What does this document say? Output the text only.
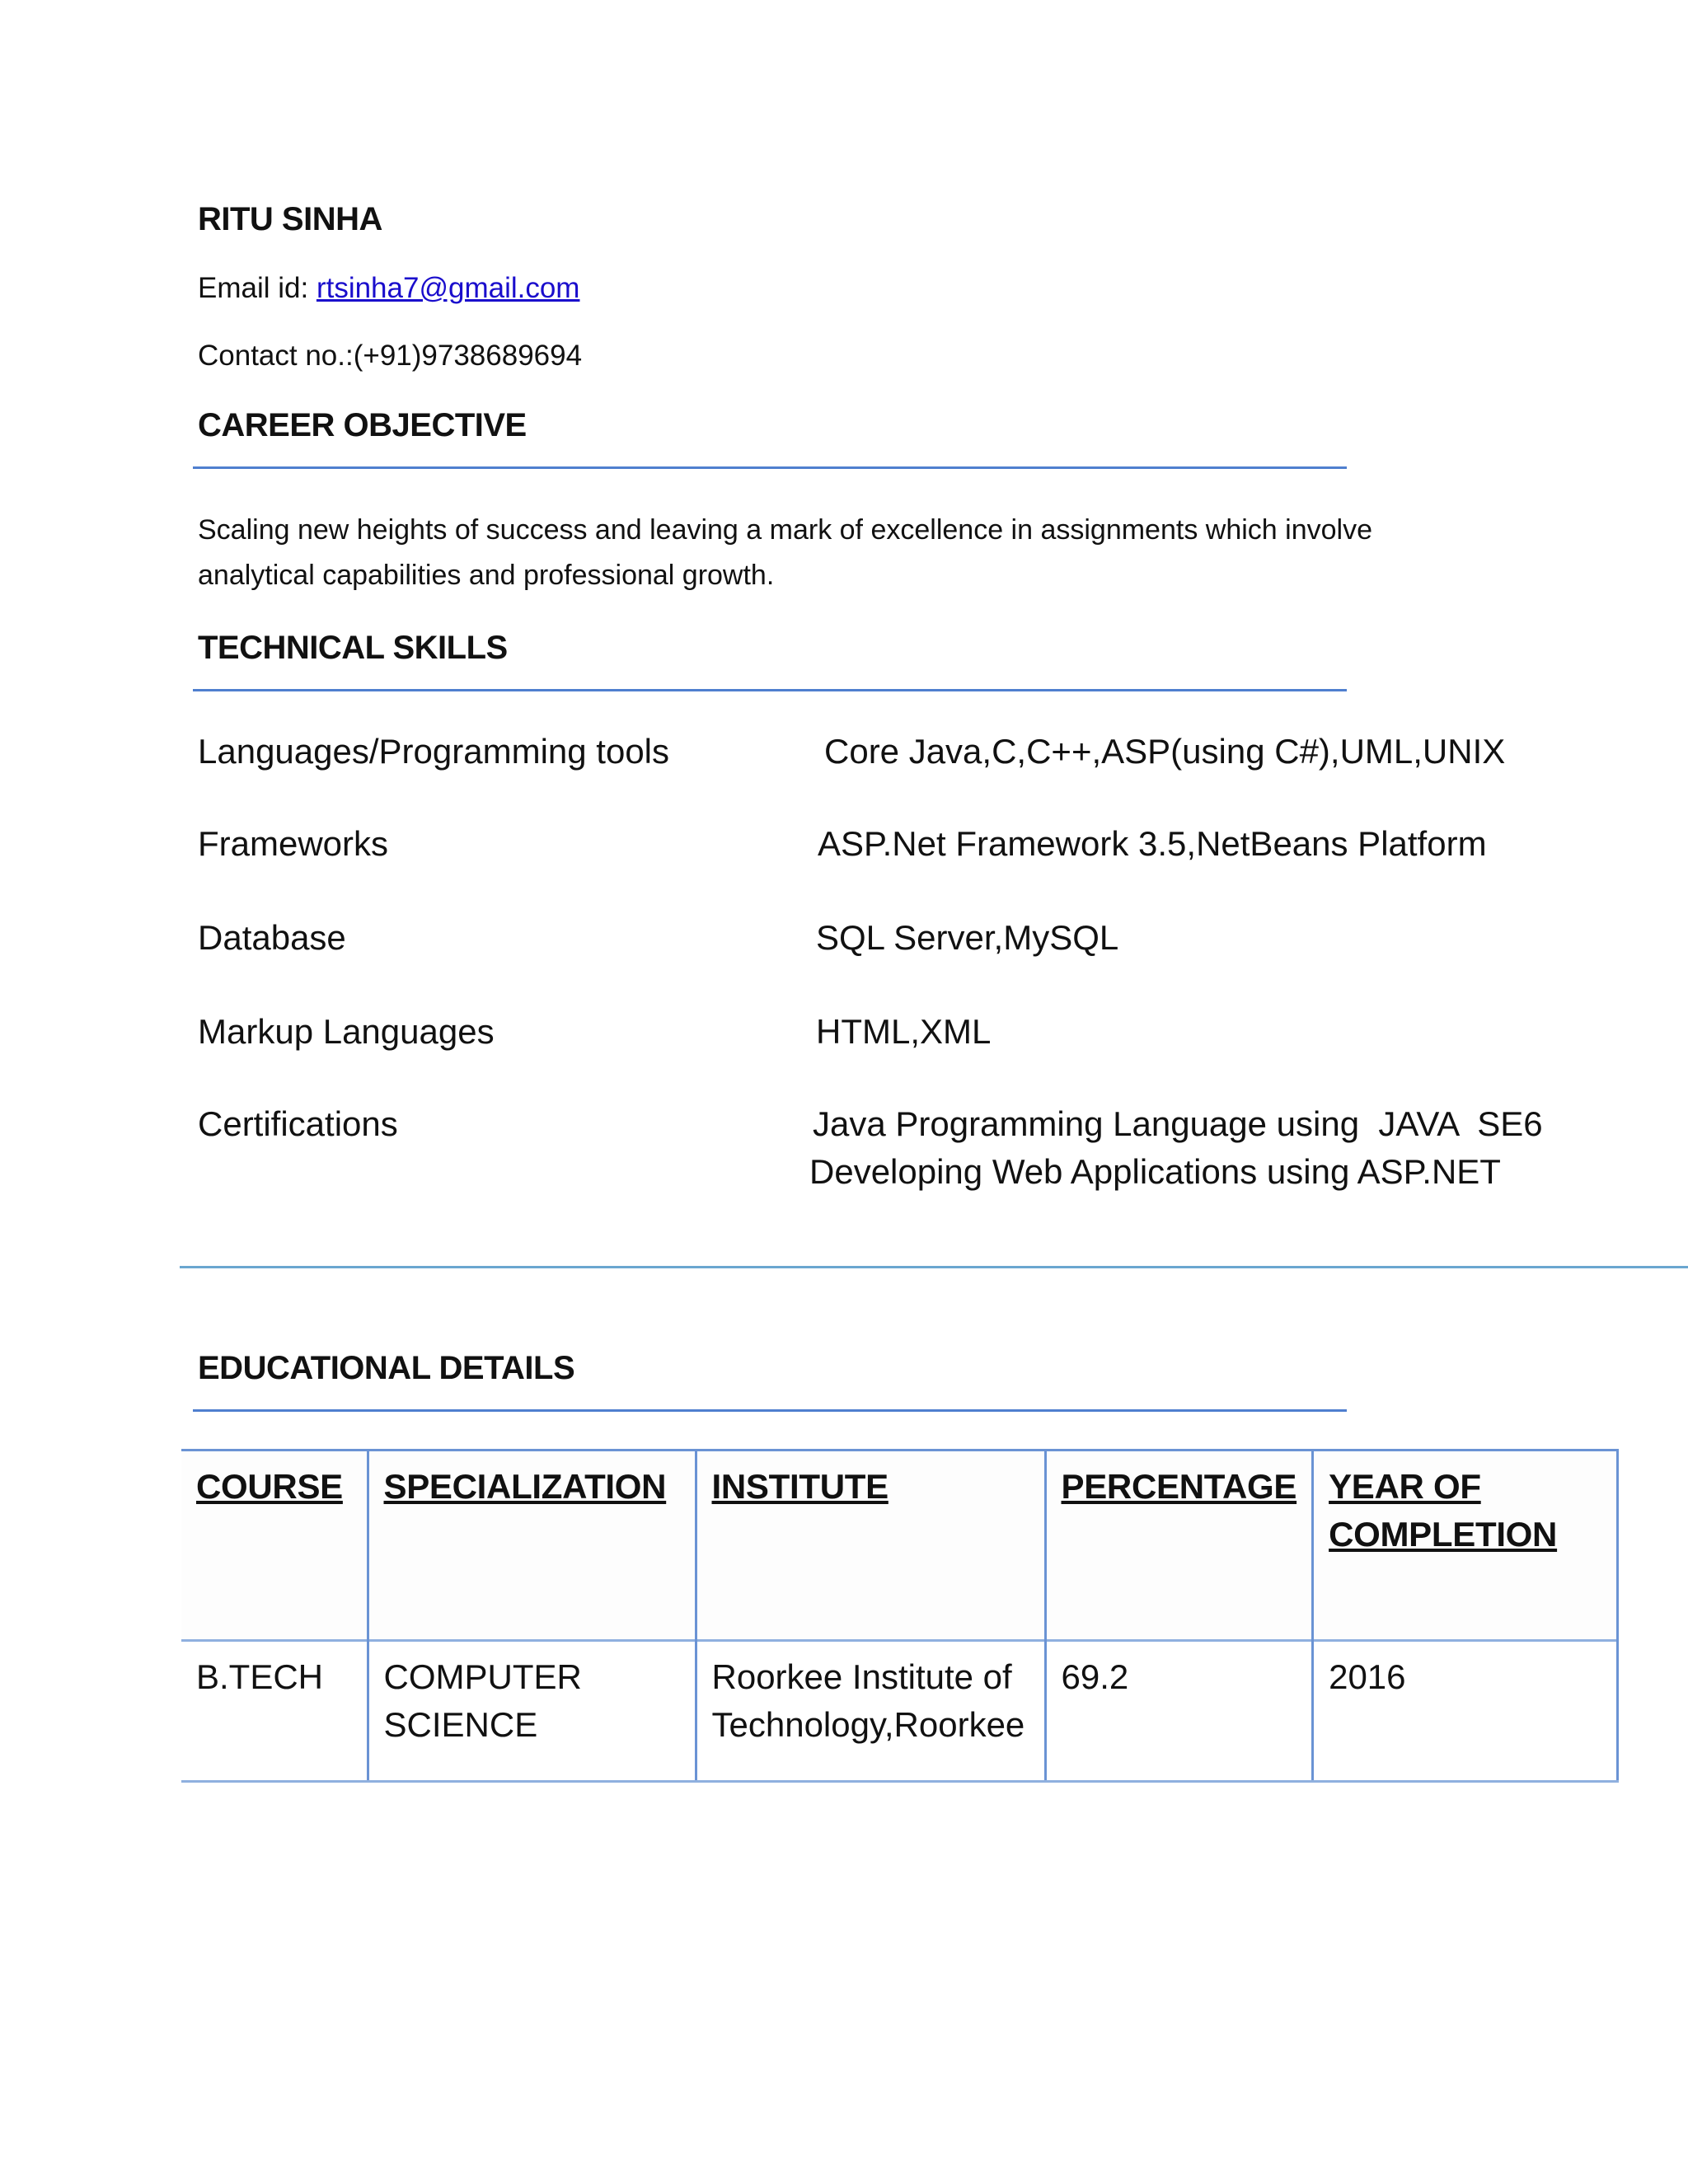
RITU SINHA
Email id: rtsinha7@gmail.com
Contact no.:(+91)9738689694
CAREER OBJECTIVE
Scaling new heights of success and leaving a mark of excellence in assignments which involve analytical capabilities and professional growth.
TECHNICAL SKILLS
Languages/Programming tools	Core Java,C,C++,ASP(using C#),UML,UNIX
Frameworks	ASP.Net Framework 3.5,NetBeans Platform
Database	SQL Server,MySQL
Markup Languages	HTML,XML
Certifications	Java Programming Language using  JAVA  SE6
Developing Web Applications using ASP.NET
EDUCATIONAL DETAILS
COURSE	SPECIALIZATION	INSTITUTE	PERCENTAGE	YEAR OF COMPLETION
B.TECH	COMPUTER SCIENCE	Roorkee Institute of Technology,Roorkee	69.2	2016
